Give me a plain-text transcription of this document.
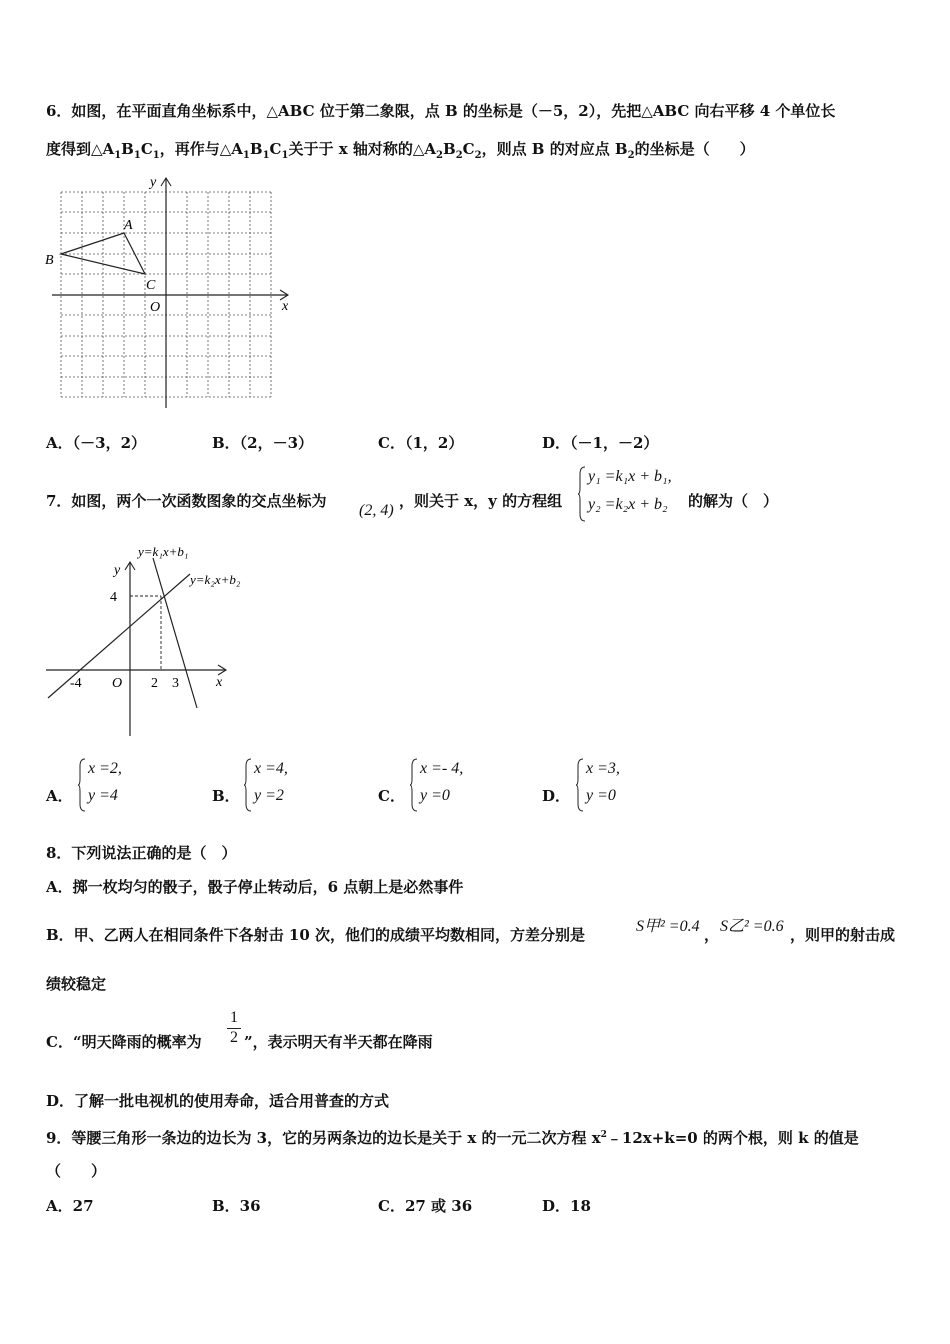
6．如图，在平面直角坐标系中，△ABC 位于第二象限，点 B 的坐标是（－5，2），先把△ABC 向右平移 4 个单位长
度得到$\triangle A_1B_1C_1$，再作与$\triangle A_1B_1C_1$关于于 x 轴对称的$\triangle A_2B_2C_2$，则点 B 的对应点 $B_2$的坐标是（　　）
y
x
A
B
C
O
A．（－3，2）	B．（2，－3）	C．（1，2）	D．（－1，－2）
7．如图，两个一次函数图象的交点坐标为
(2, 4)
，则关于 x，y 的方程组
y₁ =k₁x + b₁,
y₂ =k₂x + b₂ 的解为（　）
y=k₁x+b₁
y=k₂x+b₂
y
x
O
4
-4	2 3
A．
x =2,
y =4	B．
x =4,
y =2	C．
x =- 4,
y =0	D．
x =3,
y =0
8．下列说法正确的是（　）
A．掷一枚均匀的骰子，骰子停止转动后，6 点朝上是必然事件
B．甲、乙两人在相同条件下各射击 10 次，他们的成绩平均数相同，方差分别是	S甲² =0.4 ， S乙² =0.6 ，则甲的射击成
绩较稳定
C．“明天降雨的概率为 $\frac{1}{2}$ ”，表示明天有半天都在降雨
D．了解一批电视机的使用寿命，适合用普查的方式
9．等腰三角形一条边的边长为 3，它的另两条边的边长是关于 x 的一元二次方程 $x^2﹣12x+k=0$ 的两个根，则 k 的值是
（　　）
A．27	B．36	C．27 或 36	D．18
